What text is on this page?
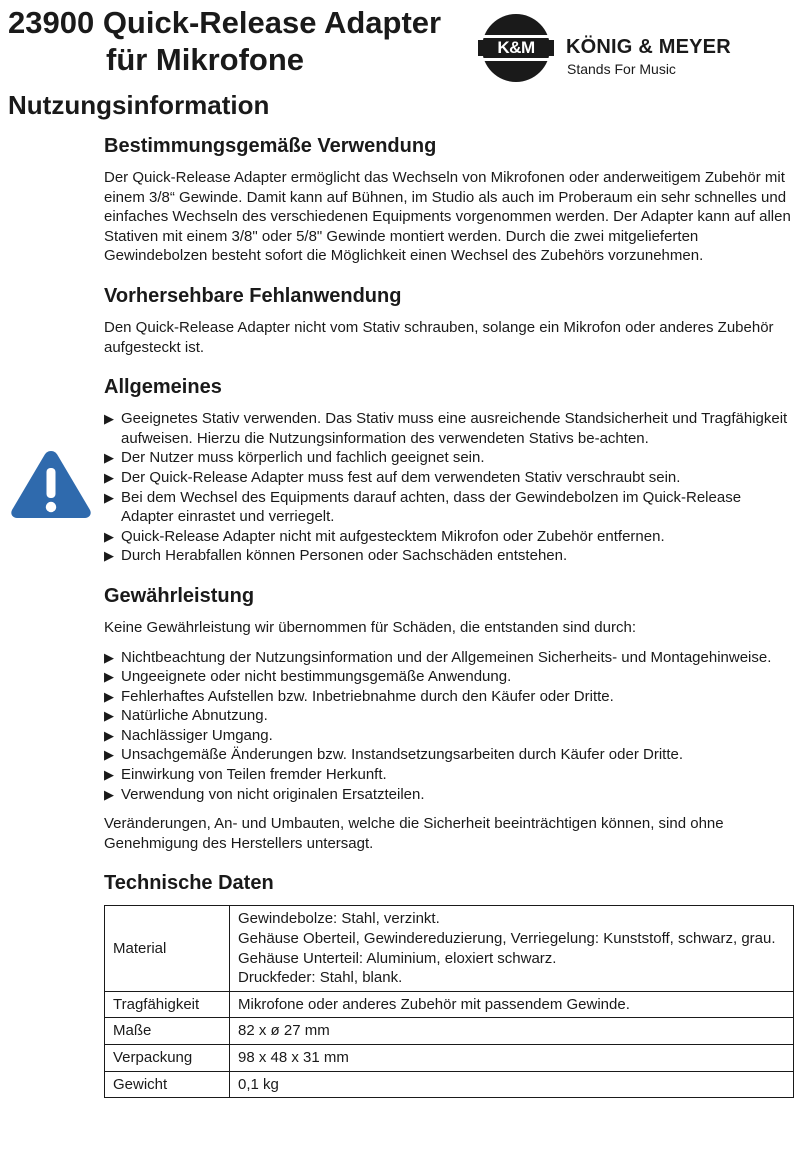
23900 Quick-Release Adapter
für Mikrofone
Nutzungsinformation
K&M	KÖNIG & MEYER
Stands For Music
Bestimmungsgemäße Verwendung

Der Quick-Release Adapter ermöglicht das Wechseln von Mikrofonen oder anderweitigem Zubehör mit einem 3/8“ Gewinde. Damit kann auf Bühnen, im Studio als auch im Proberaum ein sehr schnelles und einfaches Wechseln des verschiedenen Equipments vorgenommen werden. Der Adapter kann auf allen Stativen mit einem 3/8" oder 5/8" Gewinde montiert werden. Durch die zwei mitgelieferten Gewindebolzen besteht sofort die Möglichkeit einen Wechsel des Zubehörs vorzunehmen.

Vorhersehbare Fehlanwendung

Den Quick-Release Adapter nicht vom Stativ schrauben, solange ein Mikrofon oder anderes Zubehör aufgesteckt ist.

Allgemeines
▶ Geeignetes Stativ verwenden. Das Stativ muss eine ausreichende Standsicherheit und Tragfähigkeit aufweisen. Hierzu die Nutzungsinformation des verwendeten Stativs be-achten.
▶ Der Nutzer muss körperlich und fachlich geeignet sein.
▶ Der Quick-Release Adapter muss fest auf dem verwendeten Stativ verschraubt sein.
▶ Bei dem Wechsel des Equipments darauf achten, dass der Gewindebolzen im Quick-Release Adapter einrastet und verriegelt.
▶ Quick-Release Adapter nicht mit aufgestecktem Mikrofon oder Zubehör entfernen.
▶ Durch Herabfallen können Personen oder Sachschäden entstehen.
Gewährleistung

Keine Gewährleistung wir übernommen für Schäden, die entstanden sind durch:

▶ Nichtbeachtung der Nutzungsinformation und der Allgemeinen Sicherheits- und Montagehinweise.
▶ Ungeeignete oder nicht bestimmungsgemäße Anwendung.
▶ Fehlerhaftes Aufstellen bzw. Inbetriebnahme durch den Käufer oder Dritte.
▶ Natürliche Abnutzung.
▶ Nachlässiger Umgang.
▶ Unsachgemäße Änderungen bzw. Instandsetzungsarbeiten durch Käufer oder Dritte.
▶ Einwirkung von Teilen fremder Herkunft.
▶ Verwendung von nicht originalen Ersatzteilen.

Veränderungen, An- und Umbauten, welche die Sicherheit beeinträchtigen können, sind ohne Genehmigung des Herstellers untersagt.

Technische Daten
Material	Gewindebolze: Stahl, verzinkt.
Gehäuse Oberteil, Gewindereduzierung, Verriegelung: Kunststoff, schwarz, grau.
Gehäuse Unterteil: Aluminium, eloxiert schwarz.
Druckfeder: Stahl, blank.

Tragfähigkeit	Mikrofone oder anderes Zubehör mit passendem Gewinde.
Maße	82 x ø 27 mm
Verpackung	98 x 48 x 31 mm
Gewicht	0,1 kg
